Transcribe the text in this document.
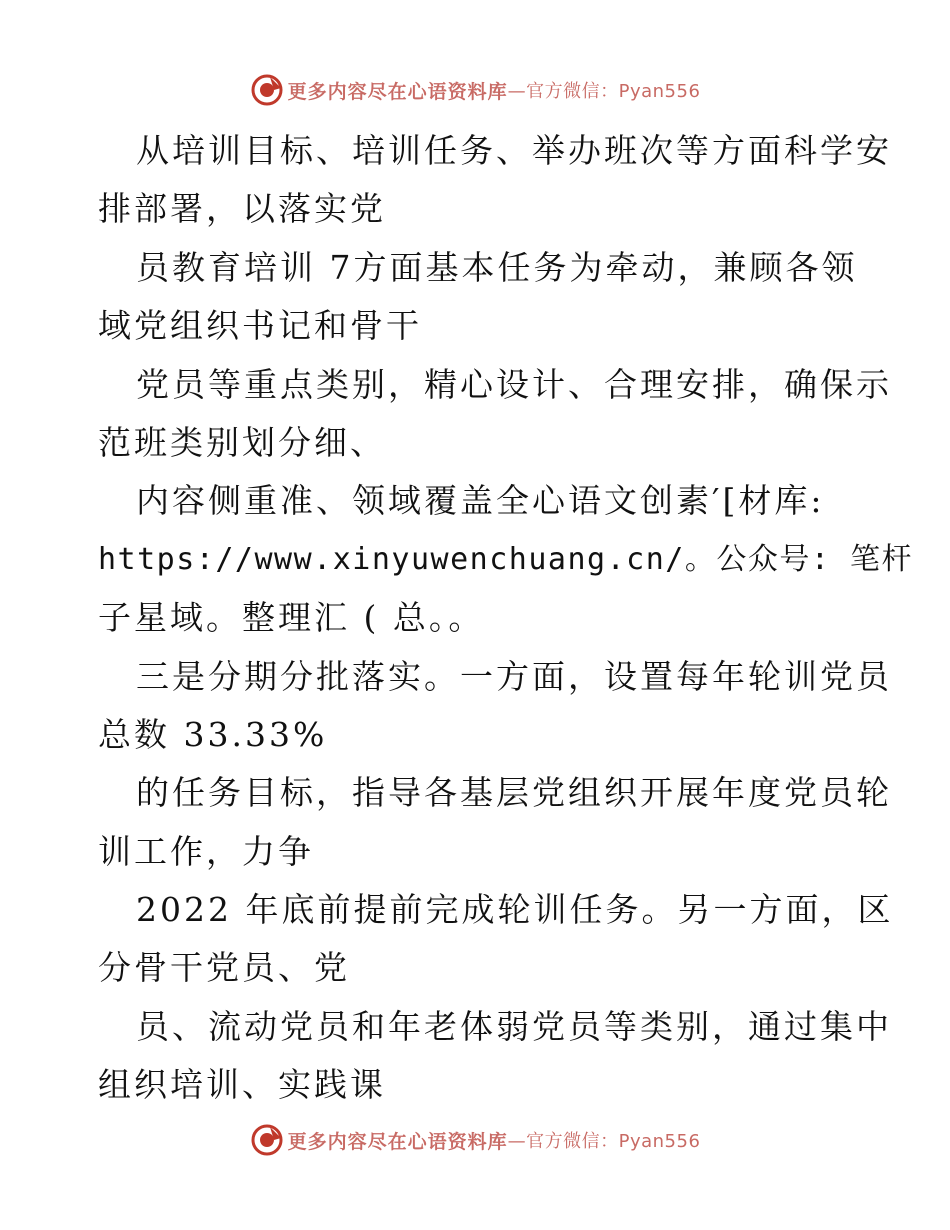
更多内容尽在心语资料库 —官方微信：Pyan556
从培训目标、培训任务、举办班次等方面科学安
排部署，以落实党
员教育培训 7方面基本任务为牵动，兼顾各领
域党组织书记和骨干
党员等重点类别，精心设计、合理安排，确保示
范班类别划分细、
内容侧重准、领域覆盖全心语文创素′[材库:
https://www.xinyuwenchuang.cn/。公众号: 笔杆
子星域。整理汇 ( 总。。
三是分期分批落实。一方面，设置每年轮训党员
总数 33.33%
的任务目标，指导各基层党组织开展年度党员轮
训工作，力争
2022 年底前提前完成轮训任务。另一方面，区
分骨干党员、党
员、流动党员和年老体弱党员等类别，通过集中
组织培训、实践课
更多内容尽在心语资料库 —官方微信：Pyan556
